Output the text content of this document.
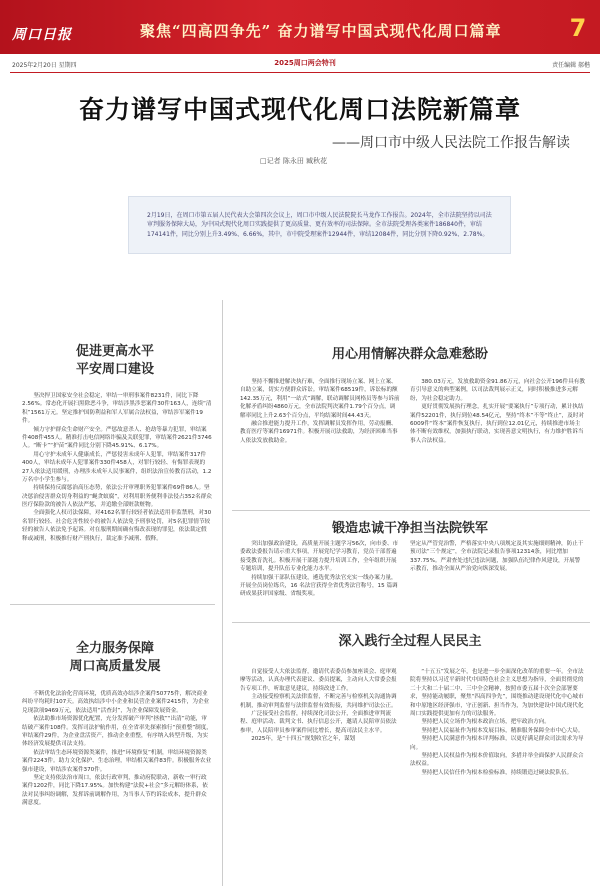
周口日报	聚焦“四高四争先” 奋力谱写中国式现代化周口篇章	7
2025年2月20日 星期四	2025周口两会特刊	责任编辑 郝楷
奋力谱写中国式现代化周口法院新篇章
——周口市中级人民法院工作报告解读
□记者 陈永田 臧秋花
2月19日，在周口市第五届人民代表大会第四次会议上，周口市中级人民法院院长马龙作工作报告。2024年，全市法院坚持以司法审判服务保障大局，为中国式现代化周口实践提供了更高质量、更有效率的司法保障。全市法院受理各类案件186840件，审结174141件，同比分别上升3.49%、6.66%，其中，市中院受理案件12944件，审结12084件，同比分别下降0.92%、2.78%。
促进更高水平
平安周口建设

坚决捍卫国家安全社会稳定，审结一审刑事案件8231件，同比下降2.56%。常态化开展扫黑除恶斗争，审结涉黑涉恶案件30件163人，连续“清积”1561万元。坚定推护国防利益和军人军属合法权益，审结涉军案件19件。

倾力守护群众生命财产安全。严惩故意杀人、抢劫等暴力犯罪，审结案件408件455人。精准打击电信网络诈骗及关联犯罪，审结案件2621件3746人。“断卡”“护苗”案件同比分别下降45.91%、6.17%。

用心守护未成年人健康成长，严惩侵害未成年人犯罪，审结案件317件400人，审结未成年人犯罪案件330件458人，对罪行较轻、有悔罪表现的27人依法适用缓刑，办理涉未成年人民事案件，组织法治宣传教育活动，1.2万名中小学生参与。

持续保持反腐惩治高压态势，依法公开审理职务犯罪案件69件86人。坚决惩治侵害群众切身利益的“蝇贪蚁腐”，对利用职务便利非法侵占352名群众医疗保险款的被告人依法严惩，并追缴全部赃款赃物。

全面强化人权司法保障，对4162名罪行较轻者依法适用非监禁刑，对30名罪行较轻、社会危害性较小的被告人依法免予刑事处罚，对5名犯罪情节较轻的被告人依法免予起诉。对在服刑期间确有悔改表现的罪犯，依法裁定假释或减刑，积极推行财产刑执行，裁定准予减刑、假释。

全力服务保障
周口高质量发展

不断优化法治化营商环境，优质高效办结涉企案件50775件，解决商业纠纷平均耗时107天。高效执结涉中小企业和民营企业案件2415件，为企业兑现款项9469万元，依法适用“活查封”，为企业保障发展资金。

依法助推市场资源优化配置，充分发挥破产审判“拯救”“出清”功能，审结破产案件108件。发挥司法护航作用，在全省率先探索推行“预重整”制度，审结案件29件，为企业盘活资产，推动企业重整，有序纳入转型升级，为实体经济发展提供司法支持。

依法审结生态环境资源类案件，推进“环境修复”机制，审结环境资源类案件2243件。助力文化保护、生态治理，审结相关案件83件。积极服务农业强市建设，审结涉农案件370件。

坚定支持依法治市周口，依法行政审判，推动府院联动，新收一审行政案件1202件，同比下降17.95%。加快构建“法院+社会”多元解纷体系，依法对民事纠纷调解，发挥诉前调解作用，为当事人节约诉讼成本，提升群众满意度。

用心用情解决群众急难愁盼

坚持不懈推进解决执行难，全面推行现场立案、网上立案、自助立案，切实方便群众诉讼。审结案件68519件，诉讼标的额142.35万元，利用“一站式”调解，联动调解员网格员等参与诉前化解矛盾纠纷4860万元，全市法院判决案件1.79个百分点，调解率同比上升2.63个百分点，平均结案时间44.43天。

融合推进能力提升工作，发挥调解员发挥作用，劳动报酬、教育医疗等案件16971件。积极开展司法救助，为经济困难当事人依法发放救助金。

380.03万元，发放救助资金91.86万元，向社会公开196件具有教育引导意义的典型案例，以司法裁判展示正义，同时积极推进多元解纷，为社会稳定助力。

更好贯彻发展执行理念，扎实开展“要案执行”专项行动，累计执结案件52201件，执行到位48.54亿元，坚持“终本”不等“终止”，及时对6009件“终本”案件恢复执行，执行到位12.01亿元，持续推进市场主体不断有效维权，加强执行联动，实现善意文明执行，有力维护胜诉当事人合法权益。

锻造忠诚干净担当法院铁军

突出加强政治建设，高质量开展主题学习56次，向市委、市委政法委报告请示重大事项，开展党纪学习教育，党员干部普遍接受教育洗礼。积极开展干部能力提升培训工作，全年组织开展专题培训，提升队伍专业化能力水平。

持续加强干部队伍建设，遴选优秀法官充实一线办案力量，开展全员岗位练兵，16 名法官获得全省优秀法官称号，15 篇调研成果获评国家级、省级奖项。

坚定从严管党治警，严格落实中央八项规定及其实施细则精神，防止干预司法“三个规定”，全市法院记录报告事项12314条，同比增加337.75%。严肃查处违纪违法问题，加强队伍纪律作风建设，开展警示教育，推动全面从严治党向纵深发展。
深入践行全过程人民民主

自觉接受人大依法监督，邀请代表委员参加座谈会、庭审观摩等活动，认真办理代表建议、委员提案，主动向人大常委会报告专项工作，听取意见建议，持续改进工作。

主动接受检察机关法律监督，不断完善与检察机关沟通协调机制，推动审判监督与法律监督有效衔接，共同维护司法公正。

广泛接受社会监督，持续深化司法公开，全面推进审判流程、庭审活动、裁判文书、执行信息公开，邀请人民陪审员依法参审，人民陪审员参审案件同比增长，提高司法民主水平。

2025年，是“十四五”规划收官之年，谋划

“十五五”发展之年，也是进一步全面深化改革的重要一年。全市法院将坚持以习近平新时代中国特色社会主义思想为指导，全面贯彻党的二十大和二十届二中、三中全会精神，按照市委五届十次全会部署要求，坚持能动履职，聚焦“四高四争先”，围绕推动建设现代化中心城市和中原地区经济强市，守正创新、担当作为，为加快建设中国式现代化周口实践提供更加有力的司法服务。

坚持把人民立场作为根本政治立场，把牢政治方向。

坚持把人民福祉作为根本发展目标，精准服务保障全市中心大局。

坚持把人民满意作为根本评判标准，以更好满足群众司法需求为导向。

坚持把人民权益作为根本价值取向，多措并举全面保护人民群众合法权益。

坚持把人民信任作为根本检验标准，持续锻造过硬法院队伍。
